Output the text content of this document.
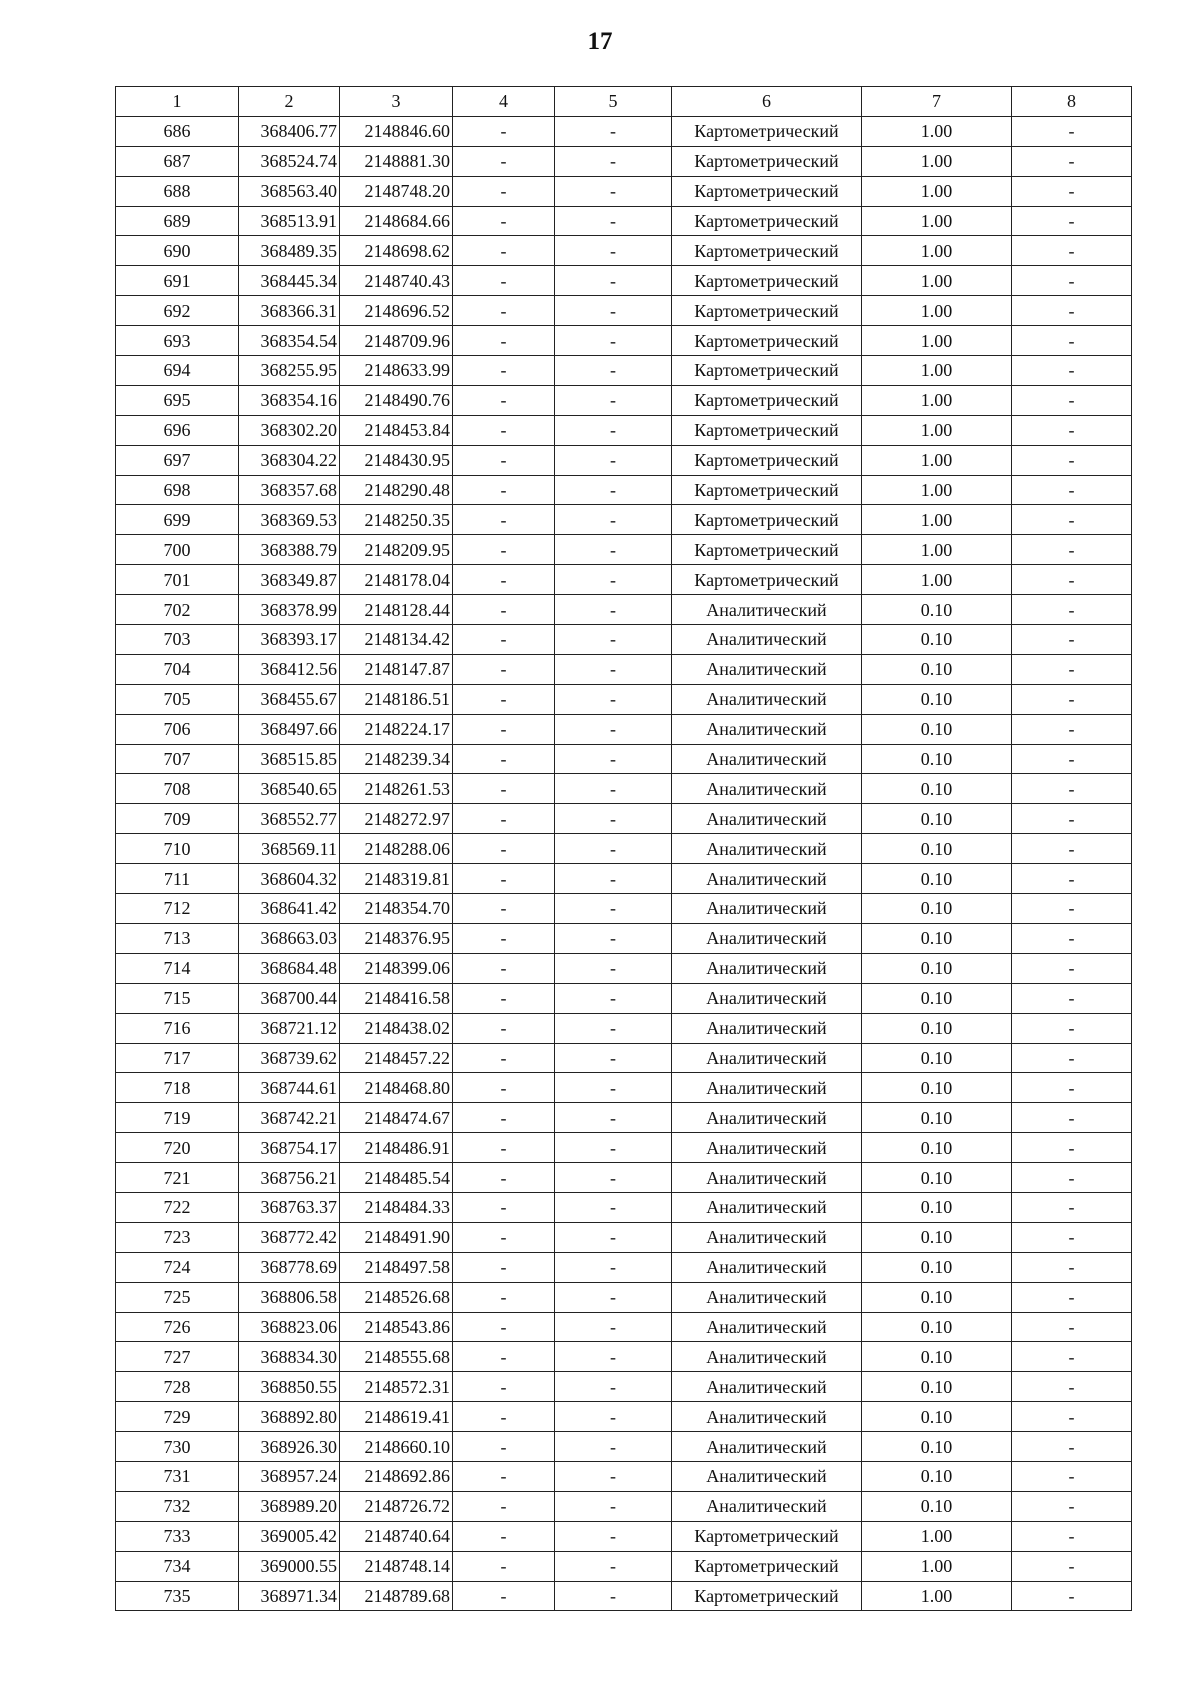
17
1	2	3	4	5	6	7	8
686	368406.77	2148846.60	-	-	Картометрический	1.00	-
687	368524.74	2148881.30	-	-	Картометрический	1.00	-
688	368563.40	2148748.20	-	-	Картометрический	1.00	-
689	368513.91	2148684.66	-	-	Картометрический	1.00	-
690	368489.35	2148698.62	-	-	Картометрический	1.00	-
691	368445.34	2148740.43	-	-	Картометрический	1.00	-
692	368366.31	2148696.52	-	-	Картометрический	1.00	-
693	368354.54	2148709.96	-	-	Картометрический	1.00	-
694	368255.95	2148633.99	-	-	Картометрический	1.00	-
695	368354.16	2148490.76	-	-	Картометрический	1.00	-
696	368302.20	2148453.84	-	-	Картометрический	1.00	-
697	368304.22	2148430.95	-	-	Картометрический	1.00	-
698	368357.68	2148290.48	-	-	Картометрический	1.00	-
699	368369.53	2148250.35	-	-	Картометрический	1.00	-
700	368388.79	2148209.95	-	-	Картометрический	1.00	-
701	368349.87	2148178.04	-	-	Картометрический	1.00	-
702	368378.99	2148128.44	-	-	Аналитический	0.10	-
703	368393.17	2148134.42	-	-	Аналитический	0.10	-
704	368412.56	2148147.87	-	-	Аналитический	0.10	-
705	368455.67	2148186.51	-	-	Аналитический	0.10	-
706	368497.66	2148224.17	-	-	Аналитический	0.10	-
707	368515.85	2148239.34	-	-	Аналитический	0.10	-
708	368540.65	2148261.53	-	-	Аналитический	0.10	-
709	368552.77	2148272.97	-	-	Аналитический	0.10	-
710	368569.11	2148288.06	-	-	Аналитический	0.10	-
711	368604.32	2148319.81	-	-	Аналитический	0.10	-
712	368641.42	2148354.70	-	-	Аналитический	0.10	-
713	368663.03	2148376.95	-	-	Аналитический	0.10	-
714	368684.48	2148399.06	-	-	Аналитический	0.10	-
715	368700.44	2148416.58	-	-	Аналитический	0.10	-
716	368721.12	2148438.02	-	-	Аналитический	0.10	-
717	368739.62	2148457.22	-	-	Аналитический	0.10	-
718	368744.61	2148468.80	-	-	Аналитический	0.10	-
719	368742.21	2148474.67	-	-	Аналитический	0.10	-
720	368754.17	2148486.91	-	-	Аналитический	0.10	-
721	368756.21	2148485.54	-	-	Аналитический	0.10	-
722	368763.37	2148484.33	-	-	Аналитический	0.10	-
723	368772.42	2148491.90	-	-	Аналитический	0.10	-
724	368778.69	2148497.58	-	-	Аналитический	0.10	-
725	368806.58	2148526.68	-	-	Аналитический	0.10	-
726	368823.06	2148543.86	-	-	Аналитический	0.10	-
727	368834.30	2148555.68	-	-	Аналитический	0.10	-
728	368850.55	2148572.31	-	-	Аналитический	0.10	-
729	368892.80	2148619.41	-	-	Аналитический	0.10	-
730	368926.30	2148660.10	-	-	Аналитический	0.10	-
731	368957.24	2148692.86	-	-	Аналитический	0.10	-
732	368989.20	2148726.72	-	-	Аналитический	0.10	-
733	369005.42	2148740.64	-	-	Картометрический	1.00	-
734	369000.55	2148748.14	-	-	Картометрический	1.00	-
735	368971.34	2148789.68	-	-	Картометрический	1.00	-
